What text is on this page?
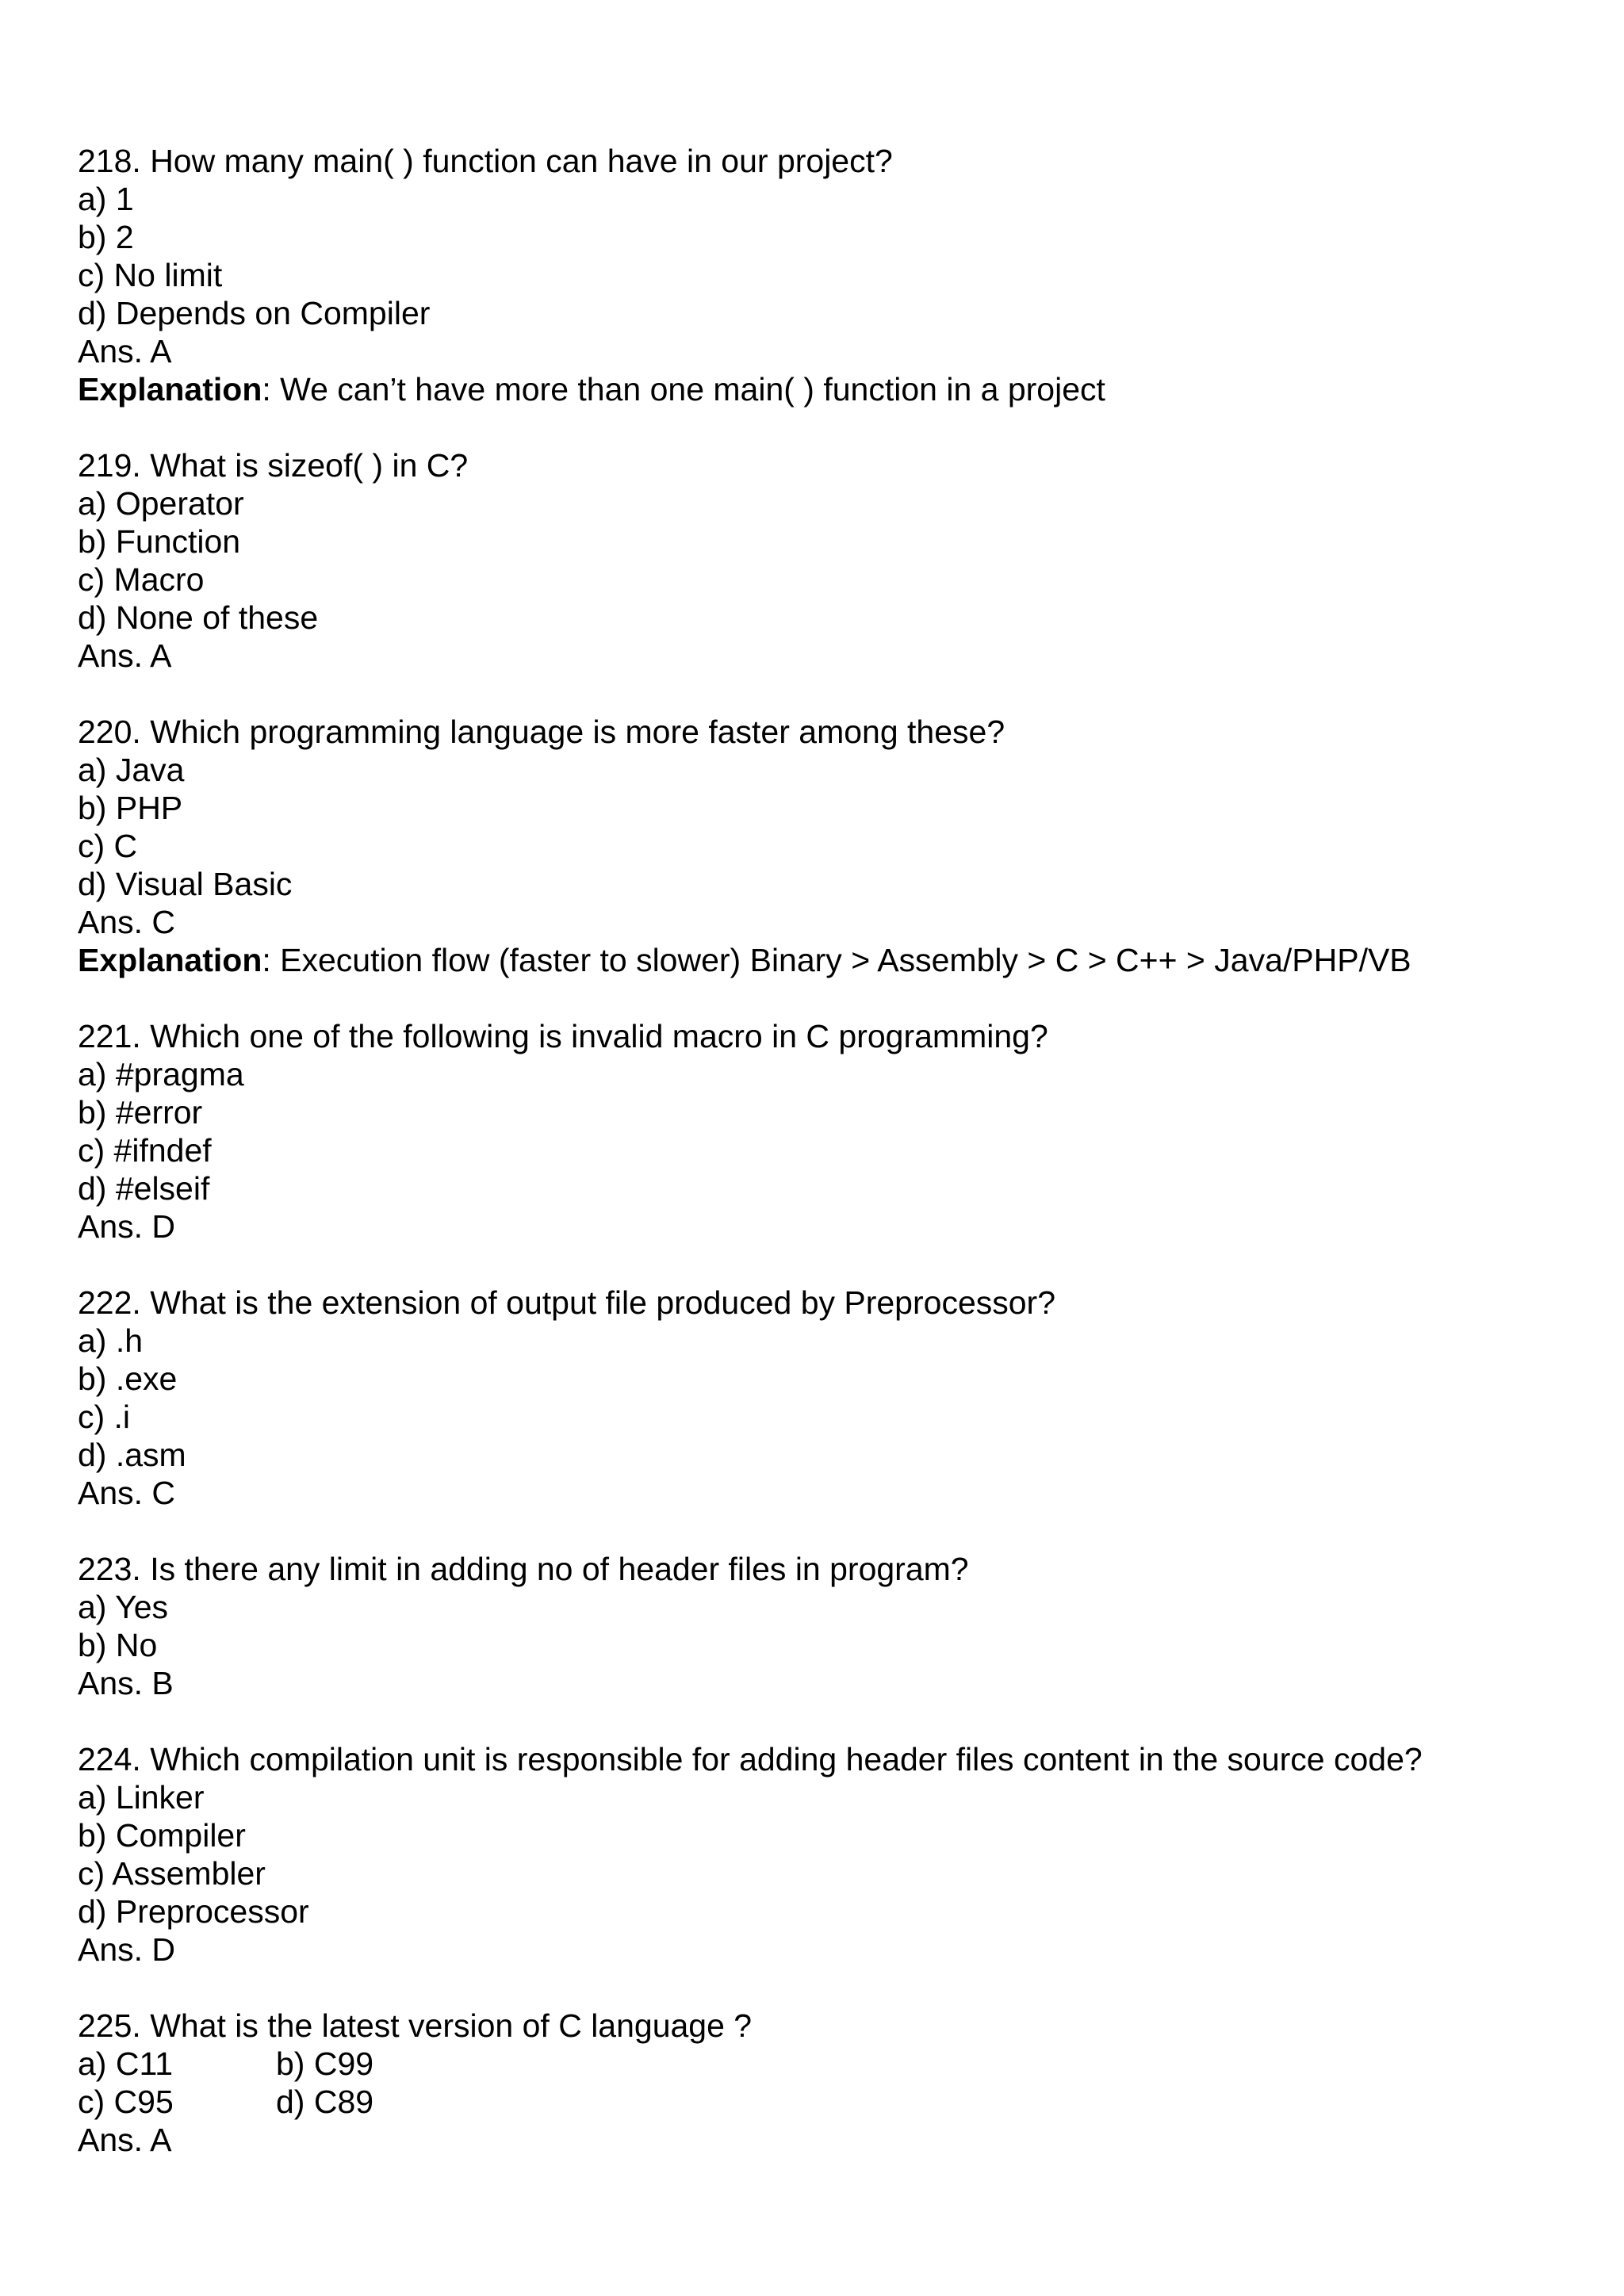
218. How many main( ) function can have in our project?
a) 1
b) 2
c) No limit
d) Depends on Compiler
Ans. A
Explanation: We can’t have more than one main( ) function in a project
219. What is sizeof( ) in C?
a) Operator
b) Function
c) Macro
d) None of these
Ans. A
220. Which programming language is more faster among these?
a) Java
b) PHP
c) C
d) Visual Basic
Ans. C
Explanation: Execution flow (faster to slower) Binary > Assembly > C > C++ > Java/PHP/VB
221. Which one of the following is invalid macro in C programming?
a) #pragma
b) #error
c) #ifndef
d) #elseif
Ans. D
222. What is the extension of output file produced by Preprocessor?
a) .h
b) .exe
c) .i
d) .asm
Ans. C
223. Is there any limit in adding no of header files in program?
a) Yes
b) No
Ans. B
224. Which compilation unit is responsible for adding header files content in the source code?
a) Linker
b) Compiler
c) Assembler
d) Preprocessor
Ans. D
225. What is the latest version of C language ?
a) C11	b) C99
c) C95	d) C89
Ans. A
